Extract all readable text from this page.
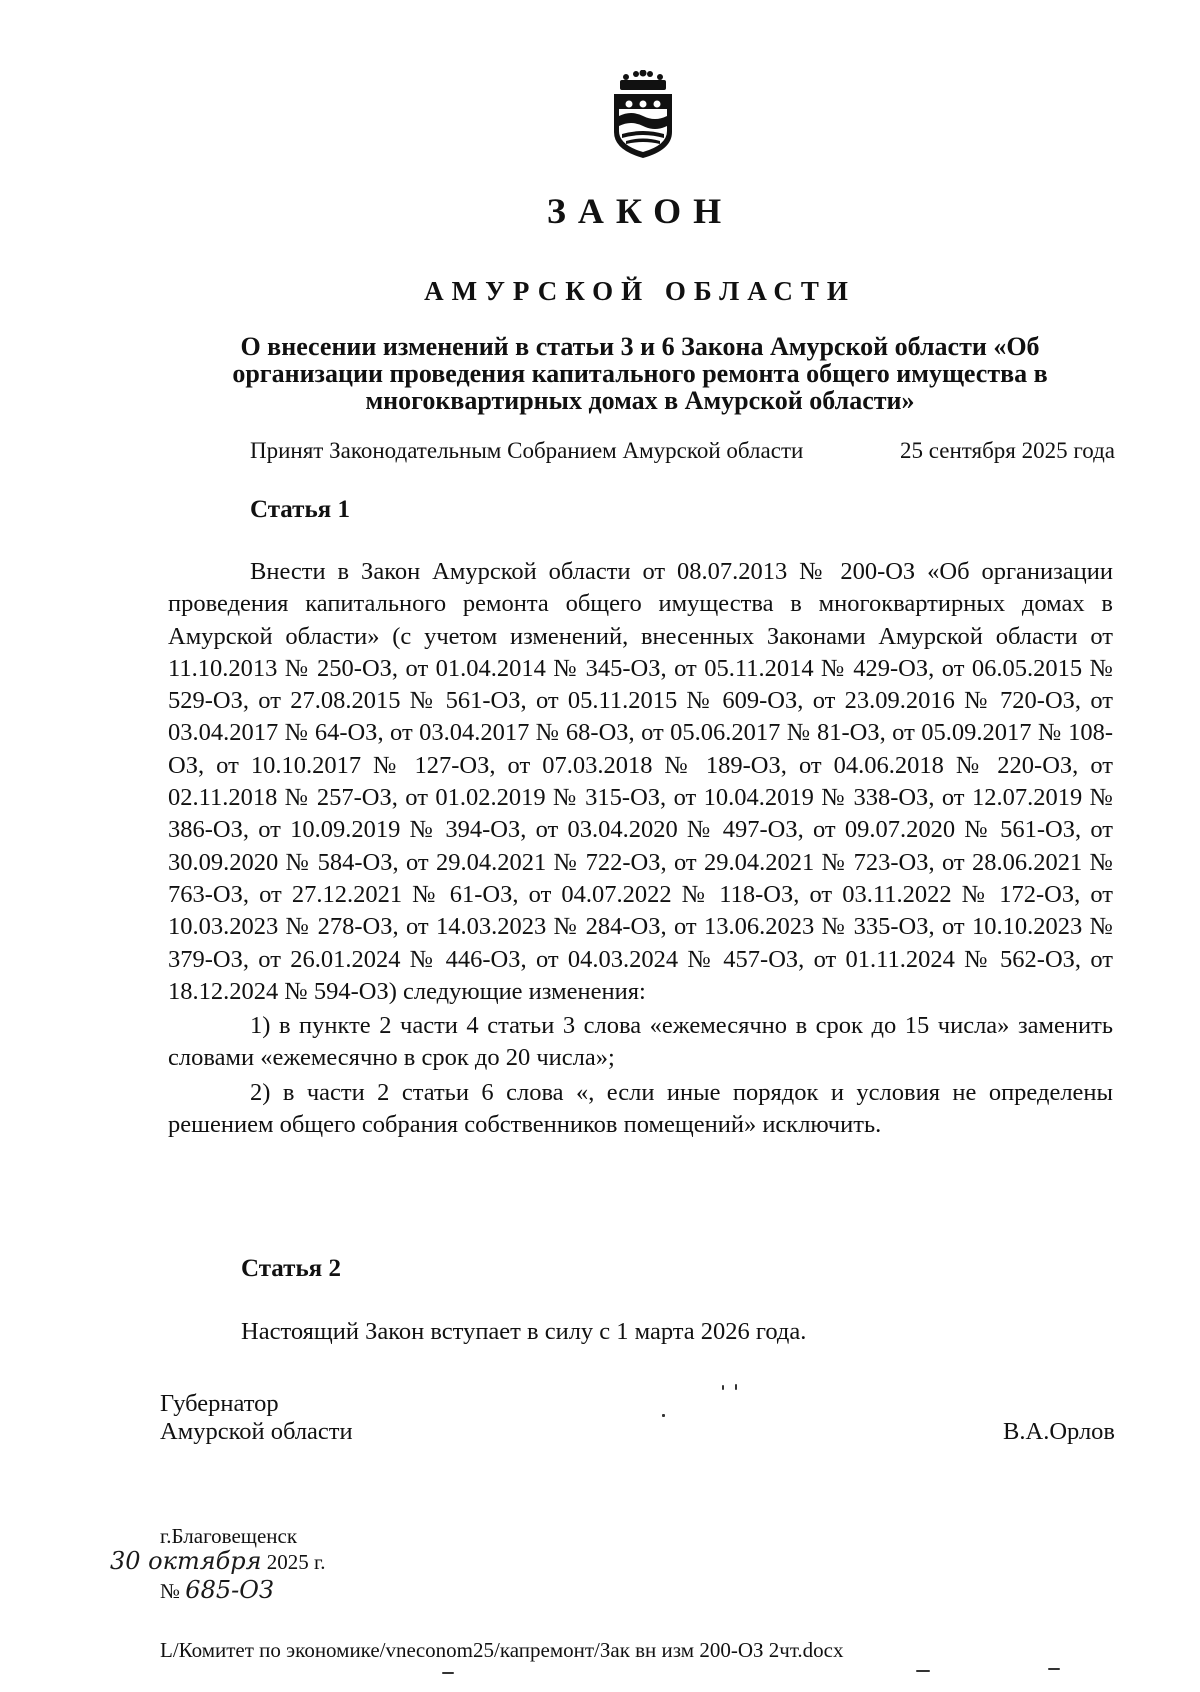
ЗАКОН
АМУРСКОЙ ОБЛАСТИ
О внесении изменений в статьи 3 и 6 Закона Амурской области «Об организации проведения капитального ремонта общего имущества в многоквартирных домах в Амурской области»
Принят Законодательным Собранием Амурской области	25 сентября 2025 года
Статья 1
Внести в Закон Амурской области от 08.07.2013 № 200-ОЗ «Об организации проведения капитального ремонта общего имущества в многоквартирных домах в Амурской области» (с учетом изменений, внесенных Законами Амурской области от 11.10.2013 № 250-ОЗ, от 01.04.2014 № 345-ОЗ, от 05.11.2014 № 429-ОЗ, от 06.05.2015 № 529-ОЗ, от 27.08.2015 № 561-ОЗ, от 05.11.2015 № 609-ОЗ, от 23.09.2016 № 720-ОЗ, от 03.04.2017 № 64-ОЗ, от 03.04.2017 № 68-ОЗ, от 05.06.2017 № 81-ОЗ, от 05.09.2017 № 108-ОЗ, от 10.10.2017 № 127-ОЗ, от 07.03.2018 № 189-ОЗ, от 04.06.2018 № 220-ОЗ, от 02.11.2018 № 257-ОЗ, от 01.02.2019 № 315-ОЗ, от 10.04.2019 № 338-ОЗ, от 12.07.2019 № 386-ОЗ, от 10.09.2019 № 394-ОЗ, от 03.04.2020 № 497-ОЗ, от 09.07.2020 № 561-ОЗ, от 30.09.2020 № 584-ОЗ, от 29.04.2021 № 722-ОЗ, от 29.04.2021 № 723-ОЗ, от 28.06.2021 № 763-ОЗ, от 27.12.2021 № 61-ОЗ, от 04.07.2022 № 118-ОЗ, от 03.11.2022 № 172-ОЗ, от 10.03.2023 № 278-ОЗ, от 14.03.2023 № 284-ОЗ, от 13.06.2023 № 335-ОЗ, от 10.10.2023 № 379-ОЗ, от 26.01.2024 № 446-ОЗ, от 04.03.2024 № 457-ОЗ, от 01.11.2024 № 562-ОЗ, от 18.12.2024 № 594-ОЗ) следующие изменения:
1) в пункте 2 части 4 статьи 3 слова «ежемесячно в срок до 15 числа» заменить словами «ежемесячно в срок до 20 числа»;
2) в части 2 статьи 6 слова «, если иные порядок и условия не определены решением общего собрания собственников помещений» исключить.
Статья 2
Настоящий Закон вступает в силу с 1 марта 2026 года.
Губернатор
Амурской области	В.А.Орлов
г.Благовещенск
30 октября 2025 г.
№ 685-ОЗ
L/Комитет по экономике/vneconom25/капремонт/Зак вн изм 200-ОЗ 2чт.docx
